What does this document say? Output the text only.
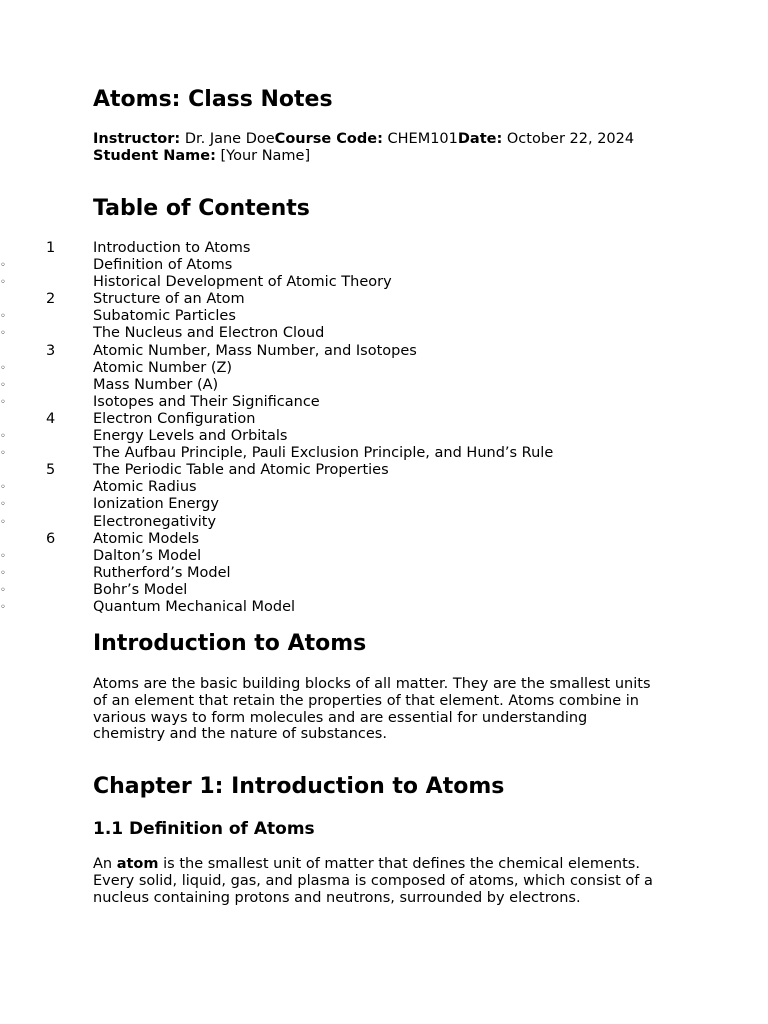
Atoms: Class Notes
Instructor: Dr. Jane DoeCourse Code: CHEM101Date: October 22, 2024
Student Name: [Your Name]
Table of Contents
1	Introduction to Atoms
◦	Definition of Atoms
◦	Historical Development of Atomic Theory
2	Structure of an Atom
◦	Subatomic Particles
◦	The Nucleus and Electron Cloud
3	Atomic Number, Mass Number, and Isotopes
◦	Atomic Number (Z)
◦	Mass Number (A)
◦	Isotopes and Their Significance
4	Electron Configuration
◦	Energy Levels and Orbitals
◦	The Aufbau Principle, Pauli Exclusion Principle, and Hund’s Rule
5	The Periodic Table and Atomic Properties
◦	Atomic Radius
◦	Ionization Energy
◦	Electronegativity
6	Atomic Models
◦	Dalton’s Model
◦	Rutherford’s Model
◦	Bohr’s Model
◦	Quantum Mechanical Model
Introduction to Atoms

Atoms are the basic building blocks of all matter. They are the smallest units of an element that retain the properties of that element. Atoms combine in various ways to form molecules and are essential for understanding chemistry and the nature of substances.

Chapter 1: Introduction to Atoms
1.1 Definition of Atoms

An atom is the smallest unit of matter that defines the chemical elements. Every solid, liquid, gas, and plasma is composed of atoms, which consist of a nucleus containing protons and neutrons, surrounded by electrons.
